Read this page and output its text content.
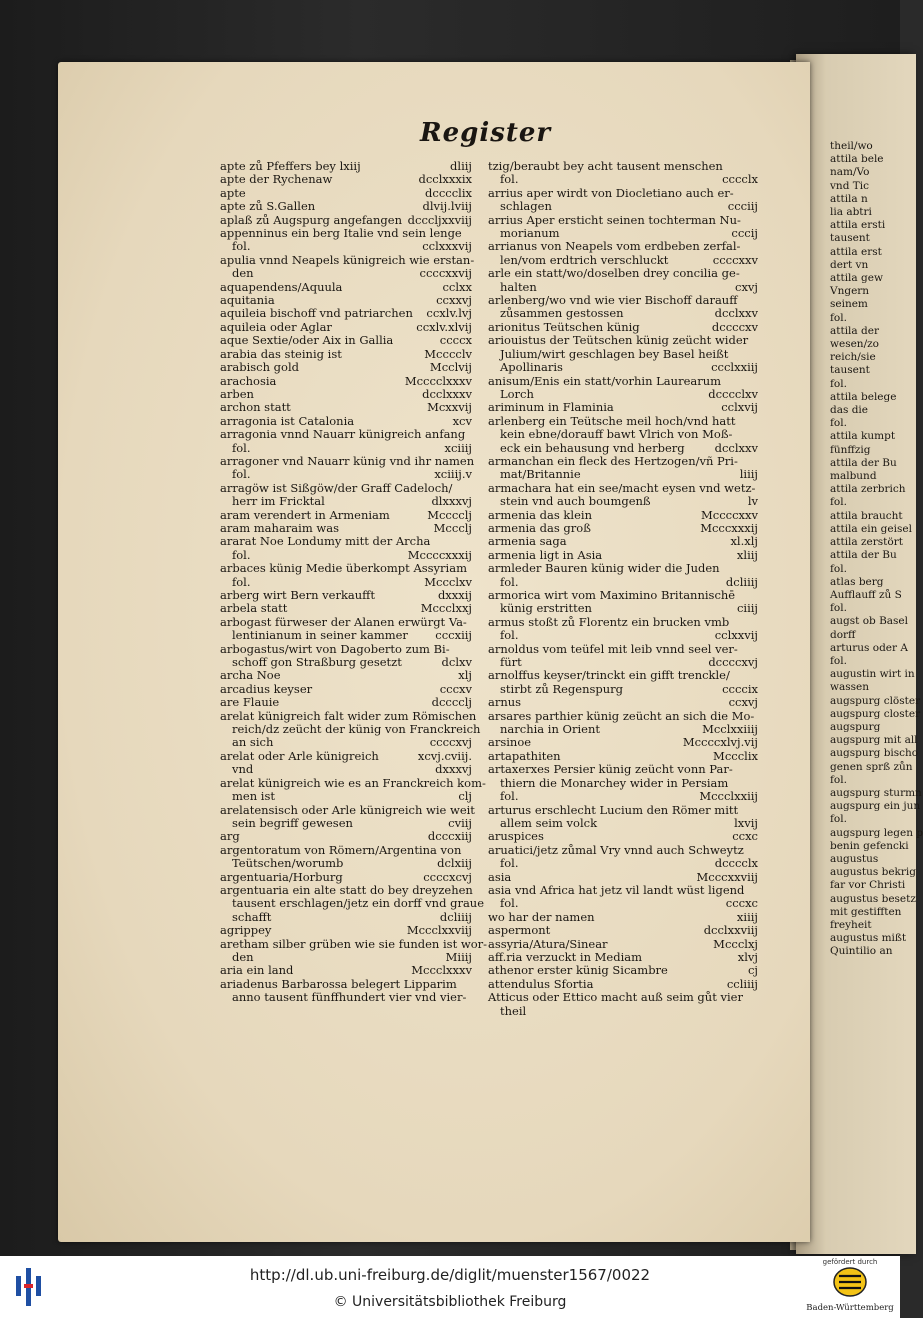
theil/wo
attila bele
nam/Vo
vnd Tic
attila n
lia abtri
attila ersti
tausent
attila erst
dert vn
attila gew
Vngern
seinem
fol.
attila der
wesen/zo
reich/sie
tausent
fol.
attila belege
das die
fol.
attila kumpt
fünffzig
attila der Bu
malbund
attila zerbrich
fol.
attila braucht
attila ein geisel
attila zerstört
attila der Bu
fol.
atlas berg
Aufflauff zů S
fol.
augst ob Basel
dorff
arturus oder A
fol.
augustin wirt in
wassen
augspurg clöster
augspurg closter
augspurg
augspurg mit all
augspurg bischo
genen sprß zůn
fol.
augspurg sturmn
augspurg ein jun
fol.
augspurg legen p
benin gefencki
augustus
augustus bekrig
far vor Christi
augustus besetz
mit gestifften
freyheit
augustus mißt
Quintilio an
Register
apte zů Pfeffers bey lxiij	dliij
apte der Rychenaw	dcclxxxix
apte	dcccclix
apte zů S.Gallen	dlvij.lviij
aplaß zů Augspurg angefangen dcccljxxviij
appenninus ein berg Italie vnd sein lenge
fol.	cclxxxvij
apulia vnnd Neapels künigreich wie erstan-
den	ccccxxvij
aquapendens/Aquula	cclxx
aquitania	ccxxvj
aquileia bischoff vnd patriarchen	ccxlv.lvj
aquileia oder Aglar	ccxlv.xlvij
aque Sextie/oder Aix in Gallia	ccccx
arabia das steinig ist	Mcccclv
arabisch gold	Mcclvij
arachosia	Mcccclxxxv
arben	dcclxxxv
archon statt	Mcxxvij
arragonia ist Catalonia	xcv
arragonia vnnd Nauarr künigreich anfang
fol.	xciiij
arragoner vnd Nauarr künig vnd ihr namen
fol.	xciiij.v
arragöw ist Sißgöw/der Graff Cadeloch/
herr im Fricktal	dlxxxvj
aram verendert in Armeniam	Mcccclj
aram maharaim was	Mccclj
ararat Noe Londumy mitt der Archa
fol.	Mccccxxxij
arbaces künig Medie überkompt Assyriam
fol.	Mccclxv
arberg wirt Bern verkaufft	dxxxij
arbela statt	Mccclxxj
arbogast fürweser der Alanen erwürgt Va-
lentinianum in seiner kammer	cccxiij
arbogastus/wirt von Dagoberto zum Bi-
schoff gon Straßburg gesetzt	dclxv
archa Noe	xlj
arcadius keyser	cccxv
are Flauie	dcccclj
arelat künigreich falt wider zum Römischen
reich/dz zeücht der künig von Franckreich
an sich	ccccxvj
arelat oder Arle künigreich	xcvj.cviij.
vnd	dxxxvj
arelat künigreich wie es an Franckreich kom-
men ist	clj
arelatensisch oder Arle künigreich wie weit
sein begriff gewesen	cviij
arg	dcccxiij
argentoratum von Römern/Argentina von
Teütschen/worumb	dclxiij
argentuaria/Horburg	ccccxcvj
argentuaria ein alte statt do bey dreyzehen
tausent erschlagen/jetz ein dorff vnd graue
schafft	dcliiij
agrippey	Mccclxxviij
aretham silber grüben wie sie funden ist wor-
den	Miiij
aria ein land	Mccclxxxv
ariadenus Barbarossa belegert Lipparim
anno tausent fünffhundert vier vnd vier-
tzig/beraubt bey acht tausent menschen
fol.	cccclx
arrius aper wirdt von Diocletiano auch er-
schlagen	ccciij
arrius Aper ersticht seinen tochterman Nu-
morianum	cccij
arrianus von Neapels vom erdbeben zerfal-
len/vom erdtrich verschluckt	ccccxxv
arle ein statt/wo/doselben drey concilia ge-
halten	cxvj
arlenberg/wo vnd wie vier Bischoff darauff
zůsammen gestossen	dcclxxv
arionitus Teütschen künig	dccccxv
ariouistus der Teütschen künig zeücht wider
Julium/wirt geschlagen bey Basel heißt
Apollinaris	ccclxxiij
anisum/Enis ein statt/vorhin Laurearum
Lorch	dcccclxv
ariminum in Flaminia	cclxvij
arlenberg ein Teütsche meil hoch/vnd hatt
kein ebne/dorauff bawt Vlrich von Moß-
eck ein behausung vnd herberg	dcclxxv
armanchan ein fleck des Hertzogen/vñ Pri-
mat/Britannie	liiij
armachara hat ein see/macht eysen vnd wetz-
stein vnd auch boumgenß	lv
armenia das klein	Mccccxxv
armenia das groß	Mcccxxxij
armenia saga	xl.xlj
armenia ligt in Asia	xliij
armleder Bauren künig wider die Juden
fol.	dcliiij
armorica wirt vom Maximino Britannischē
künig erstritten	ciiij
armus stoßt zů Florentz ein brucken vmb
fol.	cclxxvij
arnoldus vom teüfel mit leib vnnd seel ver-
fürt	dccccxvj
arnolffus keyser/trinckt ein gifft trenckle/
stirbt zů Regenspurg	ccccix
arnus	ccxvj
arsares parthier künig zeücht an sich die Mo-
narchia in Orient	Mcclxxiiij
arsinoe	Mccccxlvj.vij
artapathiten	Mccclix
artaxerxes Persier künig zeücht vonn Par-
thiern die Monarchey wider in Persiam
fol.	Mccclxxiij
arturus erschlecht Lucium den Römer mitt
allem seim volck	lxvij
aruspices	ccxc
aruatici/jetz zůmal Vry vnnd auch Schweytz
fol.	dcccclx
asia	Mcccxxviij
asia vnd Africa hat jetz vil landt wüst ligend
fol.	cccxc
wo har der namen	xiiij
aspermont	dcclxxviij
assyria/Atura/Sinear	Mccclxj
aff.ria verzuckt in Mediam	xlvj
athenor erster künig Sicambre	cj
attendulus Sfortia	ccliiij
Atticus oder Ettico macht auß seim gůt vier
theil
http://dl.ub.uni-freiburg.de/diglit/muenster1567/0022
© Universitätsbibliothek Freiburg
gefördert durch
Baden-Württemberg
